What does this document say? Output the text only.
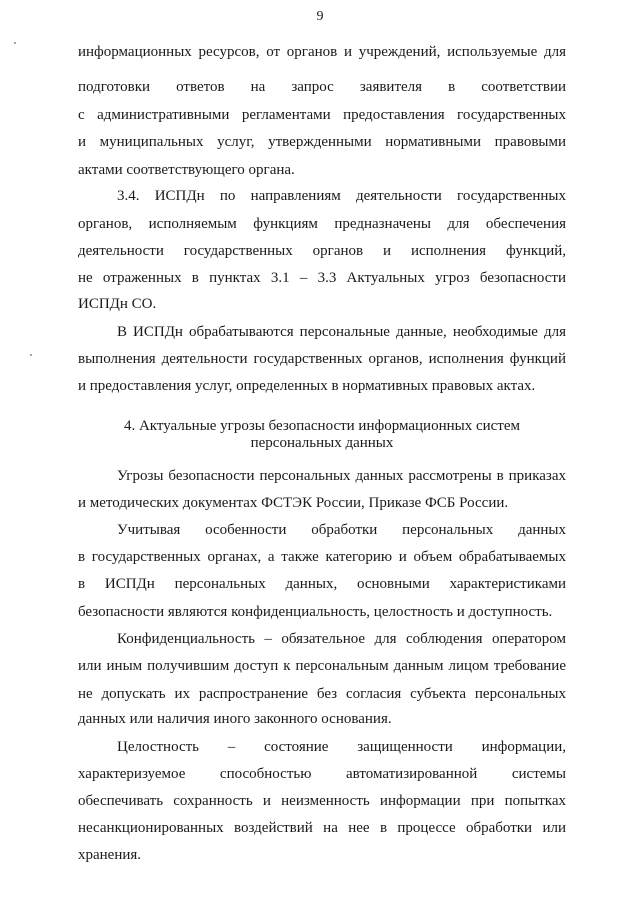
9
информационных ресурсов, от органов и учреждений, используемые для
подготовки ответов на запрос заявителя в соответствии
с административными регламентами предоставления государственных
и муниципальных услуг, утвержденными нормативными правовыми
актами соответствующего органа.
3.4. ИСПДн по направлениям деятельности государственных
органов, исполняемым функциям предназначены для обеспечения
деятельности государственных органов и исполнения функций,
не отраженных в пунктах 3.1 – 3.3 Актуальных угроз безопасности
ИСПДн СО.
В ИСПДн обрабатываются персональные данные, необходимые для
выполнения деятельности государственных органов, исполнения функций
и предоставления услуг, определенных в нормативных правовых актах.
4. Актуальные угрозы безопасности информационных систем
персональных данных
Угрозы безопасности персональных данных рассмотрены в приказах
и методических документах ФСТЭК России, Приказе ФСБ России.
Учитывая особенности обработки персональных данных
в государственных органах, а также категорию и объем обрабатываемых
в ИСПДн персональных данных, основными характеристиками
безопасности являются конфиденциальность, целостность и доступность.
Конфиденциальность – обязательное для соблюдения оператором
или иным получившим доступ к персональным данным лицом требование
не допускать их распространение без согласия субъекта персональных
данных или наличия иного законного основания.
Целостность – состояние защищенности информации,
характеризуемое способностью автоматизированной системы
обеспечивать сохранность и неизменность информации при попытках
несанкционированных воздействий на нее в процессе обработки или
хранения.
